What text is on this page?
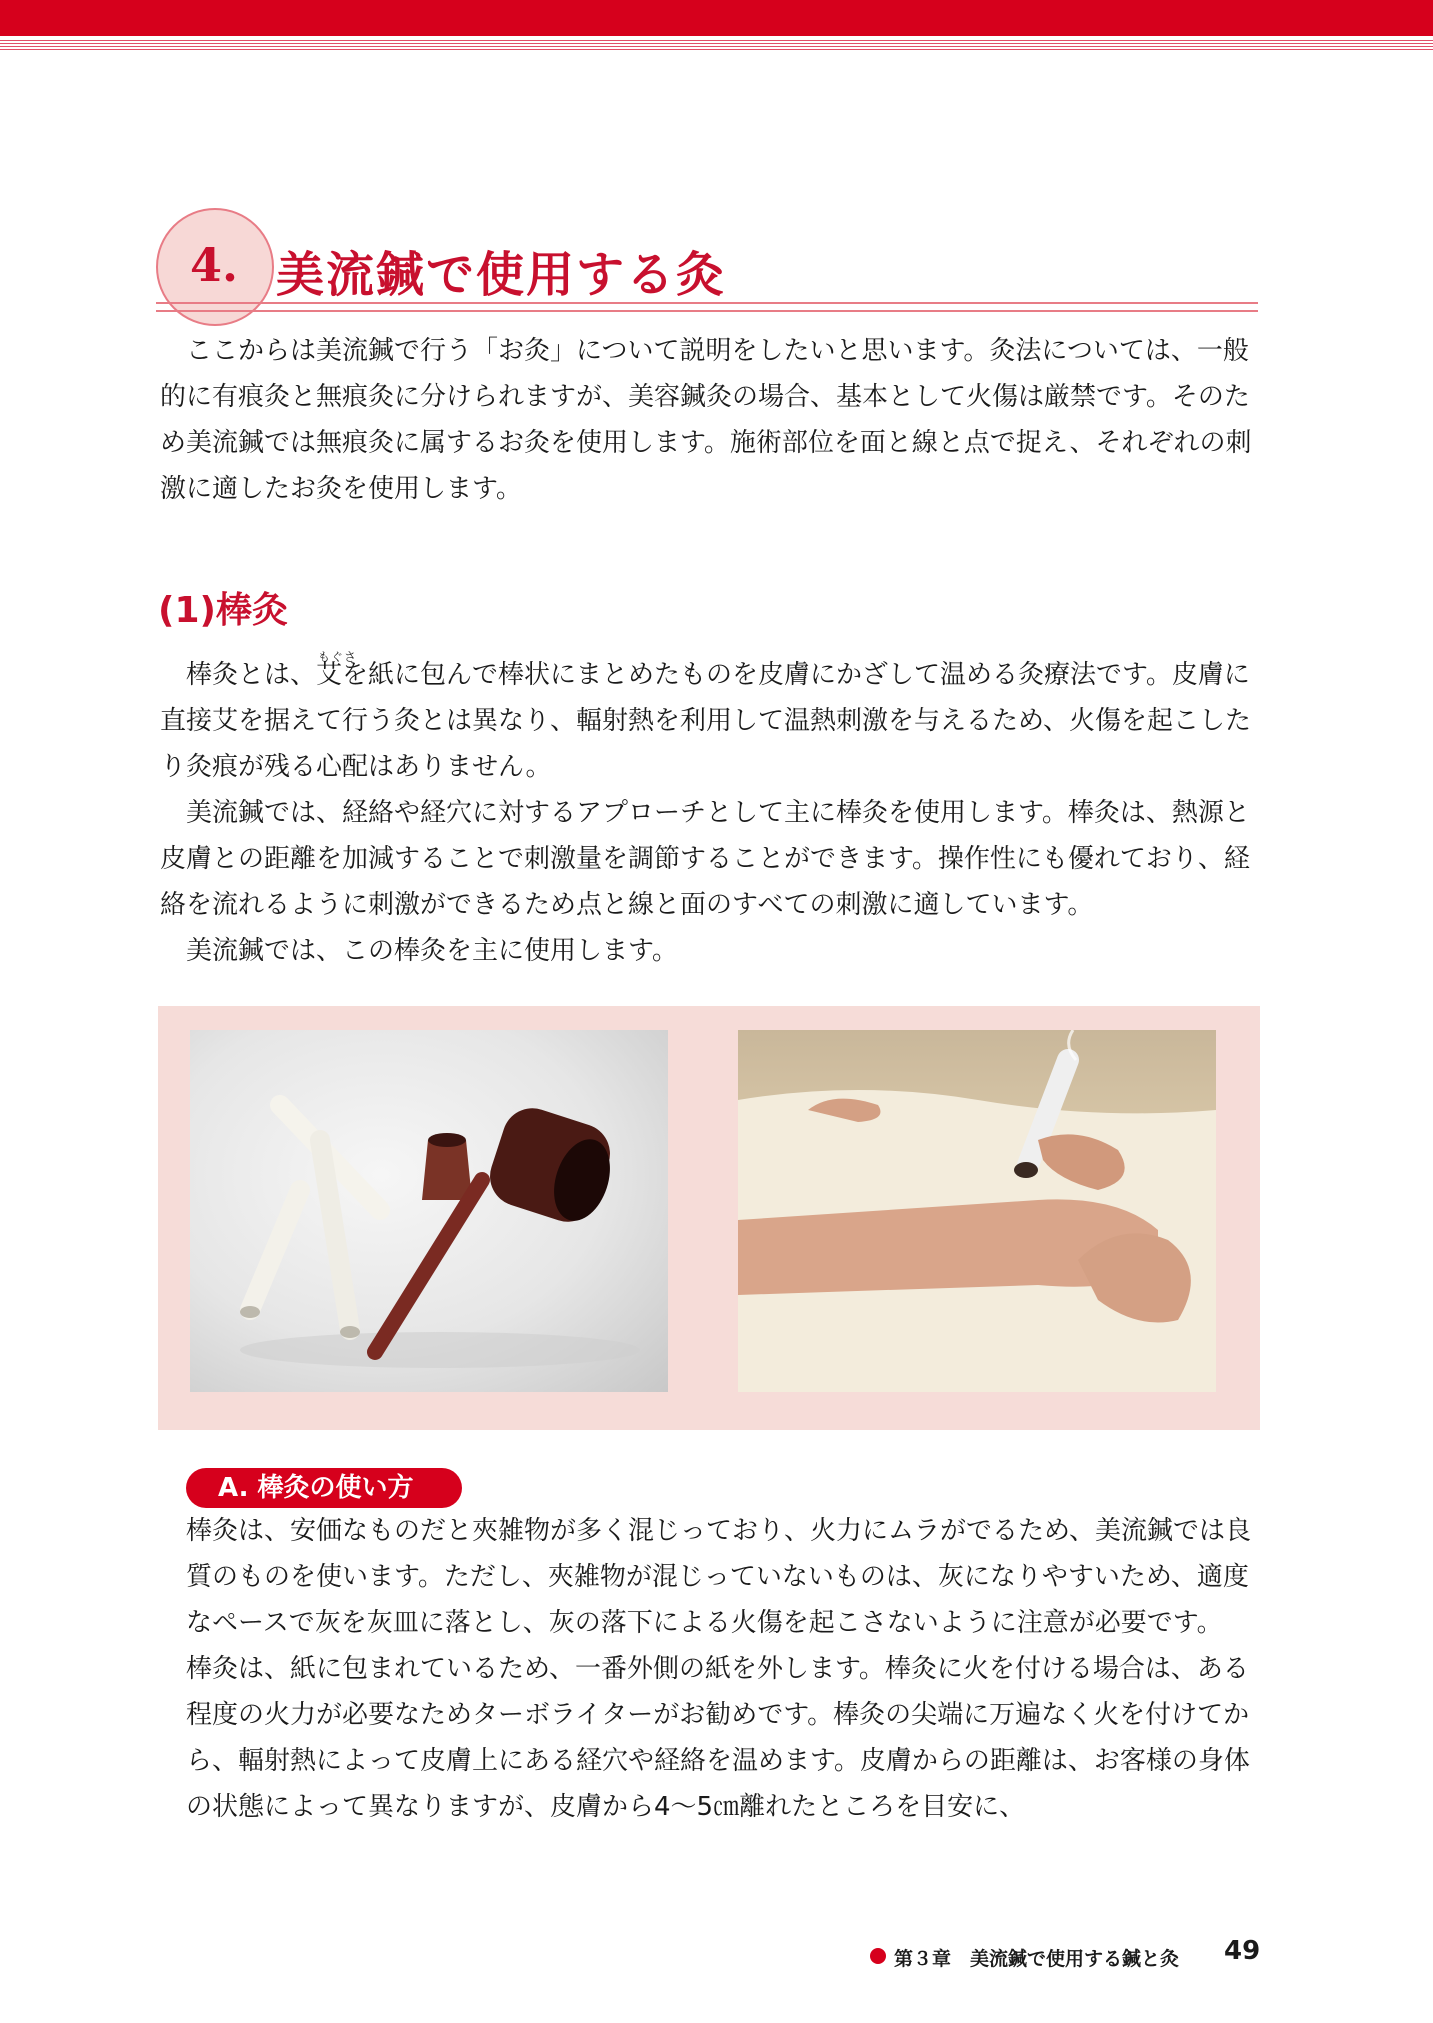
4. 美流鍼で使用する灸

ここからは美流鍼で行う「お灸」について説明をしたいと思います。灸法については、一般的に有痕灸と無痕灸に分けられますが、美容鍼灸の場合、基本として火傷は厳禁です。そのため美流鍼では無痕灸に属するお灸を使用します。施術部位を面と線と点で捉え、それぞれの刺激に適したお灸を使用します。

(1)棒灸
もぐさ

棒灸とは、艾を紙に包んで棒状にまとめたものを皮膚にかざして温める灸療法です。皮膚に直接艾を据えて行う灸とは異なり、輻射熱を利用して温熱刺激を与えるため、火傷を起こしたり灸痕が残る心配はありません。

美流鍼では、経絡や経穴に対するアプローチとして主に棒灸を使用します。棒灸は、熱源と皮膚との距離を加減することで刺激量を調節することができます。操作性にも優れており、経絡を流れるように刺激ができるため点と線と面のすべての刺激に適しています。

美流鍼では、この棒灸を主に使用します。

A. 棒灸の使い方

棒灸は、安価なものだと夾雑物が多く混じっており、火力にムラがでるため、美流鍼では良質のものを使います。ただし、夾雑物が混じっていないものは、灰になりやすいため、適度なペースで灰を灰皿に落とし、灰の落下による火傷を起こさないように注意が必要です。

棒灸は、紙に包まれているため、一番外側の紙を外します。棒灸に火を付ける場合は、ある程度の火力が必要なためターボライターがお勧めです。棒灸の尖端に万遍なく火を付けてから、輻射熱によって皮膚上にある経穴や経絡を温めます。皮膚からの距離は、お客様の身体の状態によって異なりますが、皮膚から4～5㎝離れたところを目安に、

第３章　美流鍼で使用する鍼と灸 49
